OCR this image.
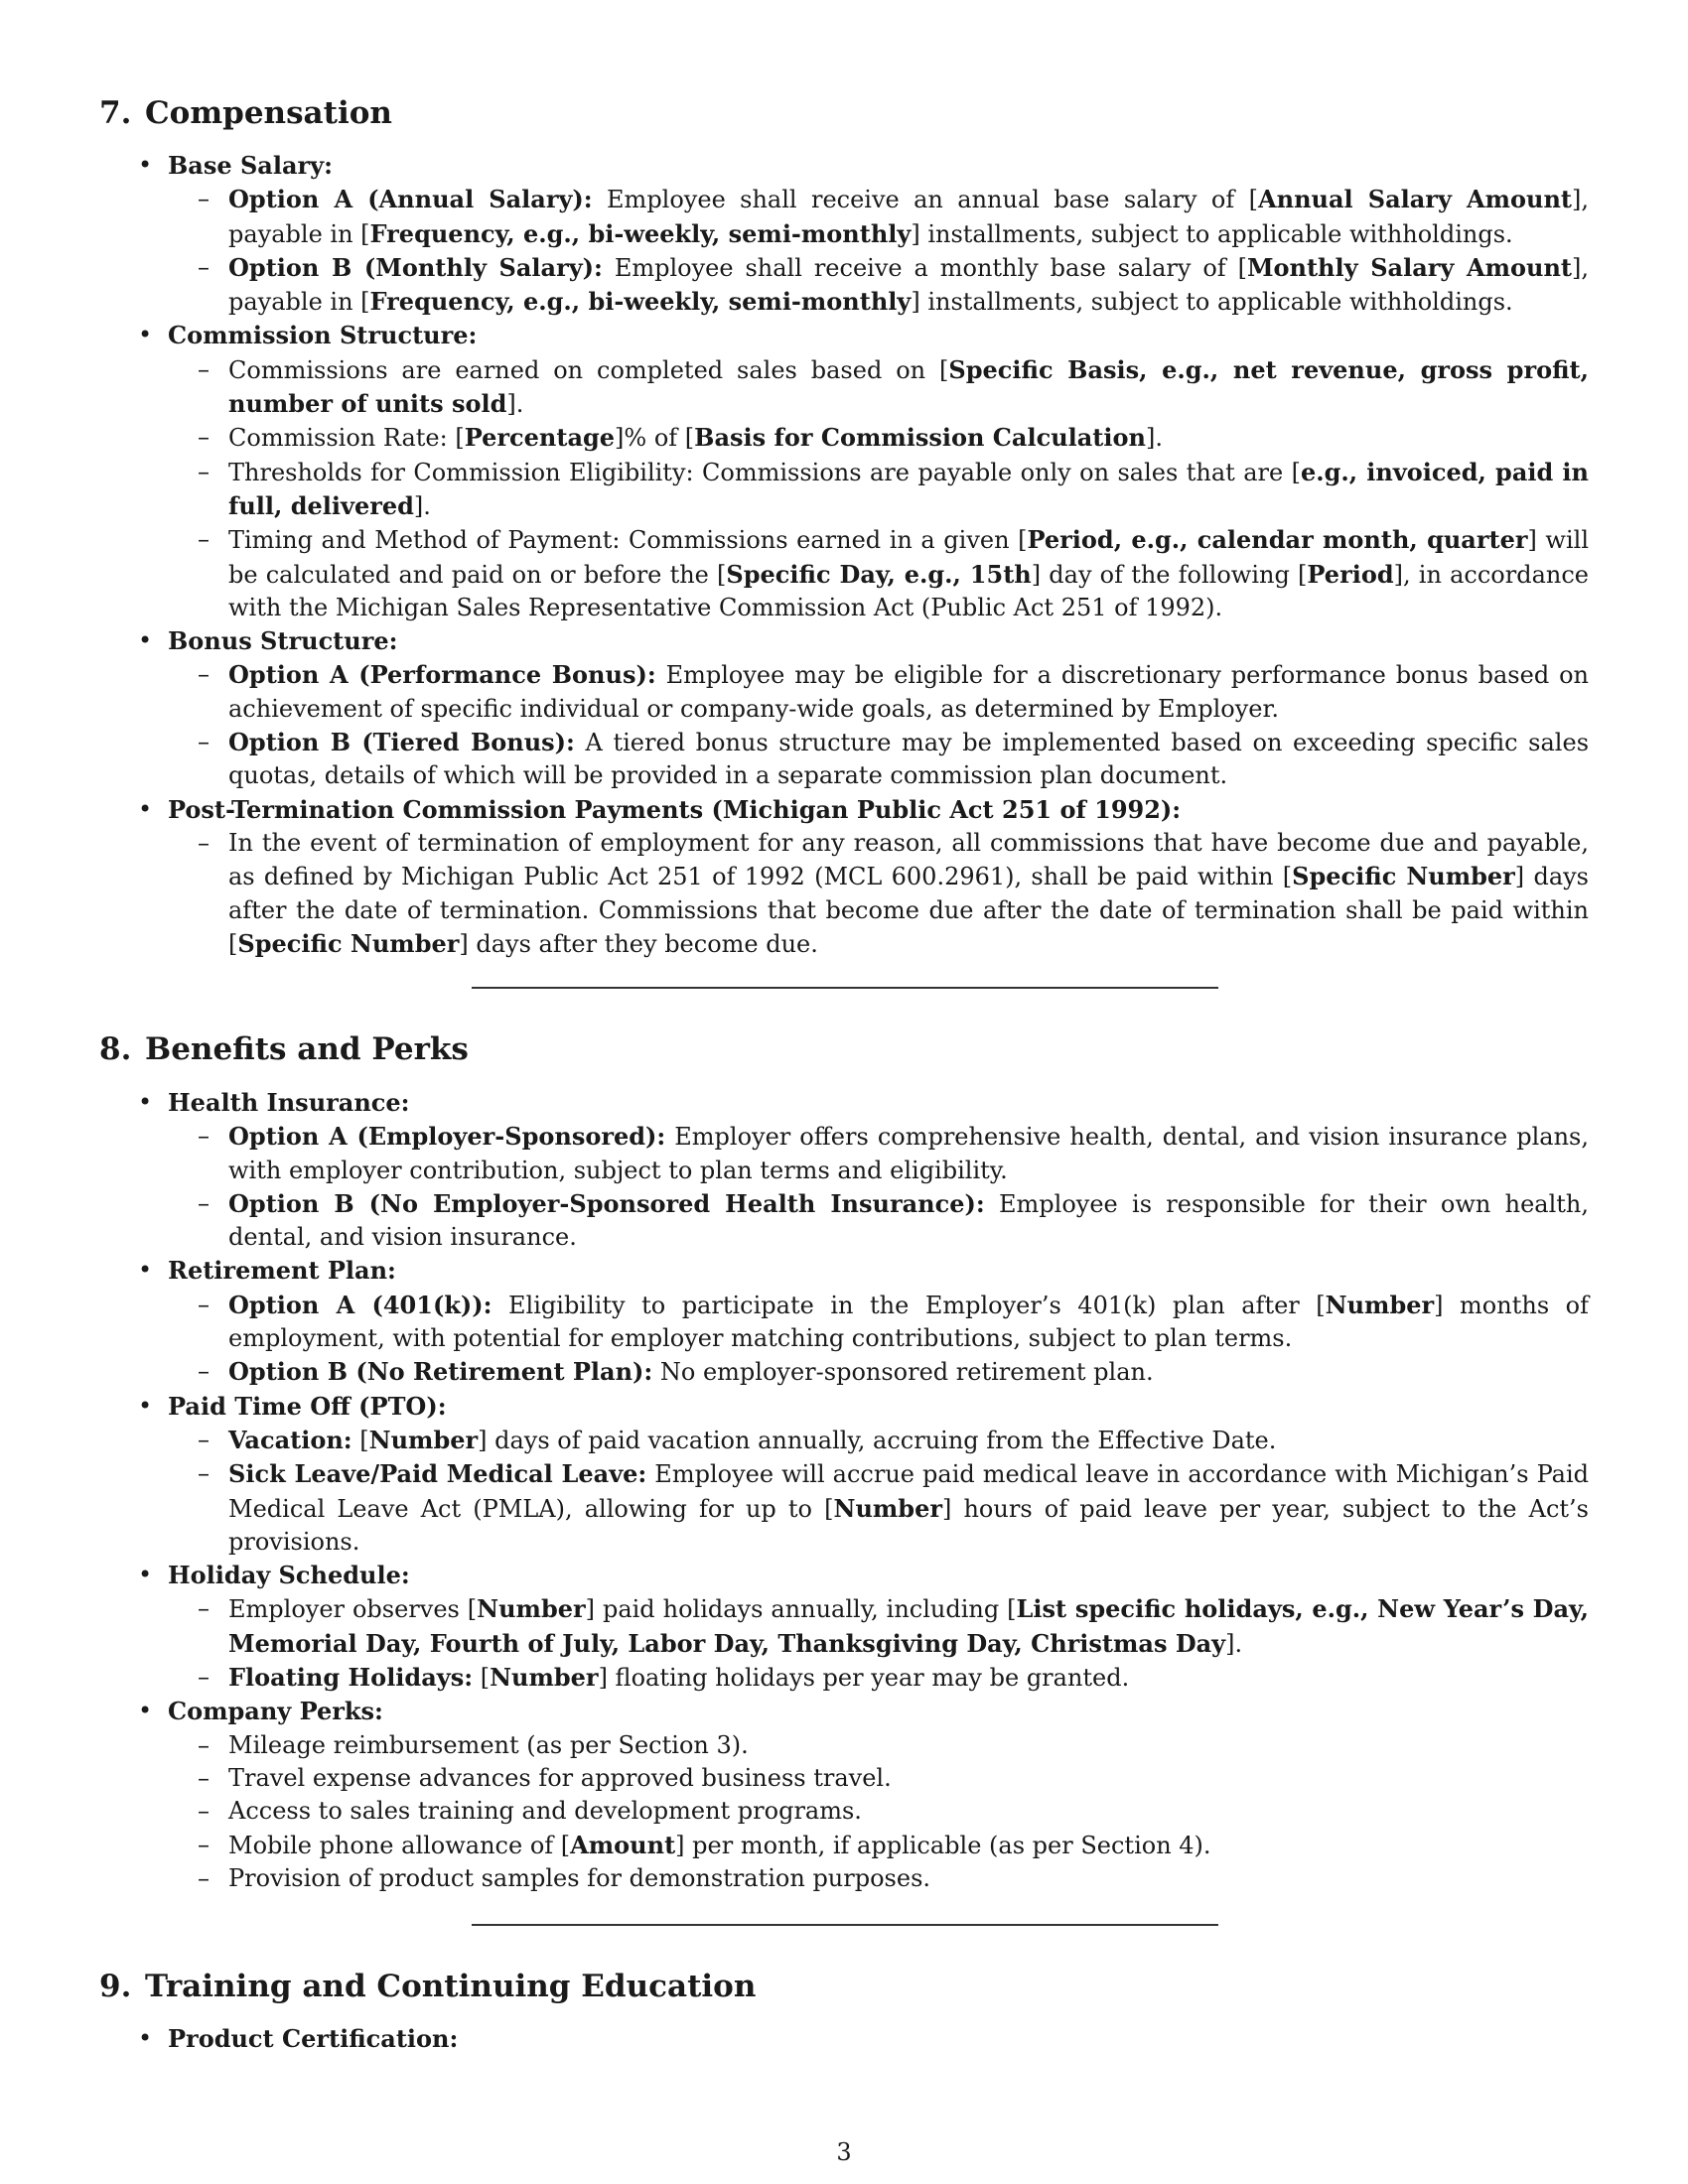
7. Compensation
• Base Salary:
– Option A (Annual Salary): Employee shall receive an annual base salary of [Annual Salary Amount], payable in [Frequency, e.g., bi-weekly, semi-monthly] installments, subject to applicable withholdings.
– Option B (Monthly Salary): Employee shall receive a monthly base salary of [Monthly Salary Amount], payable in [Frequency, e.g., bi-weekly, semi-monthly] installments, subject to applicable withholdings.
• Commission Structure:
– Commissions are earned on completed sales based on [Specific Basis, e.g., net revenue, gross profit, number of units sold].
– Commission Rate: [Percentage]% of [Basis for Commission Calculation].
– Thresholds for Commission Eligibility: Commissions are payable only on sales that are [e.g., invoiced, paid in full, delivered].
– Timing and Method of Payment: Commissions earned in a given [Period, e.g., calendar month, quarter] will be calculated and paid on or before the [Specific Day, e.g., 15th] day of the following [Period], in accordance with the Michigan Sales Representative Commission Act (Public Act 251 of 1992).
• Bonus Structure:
– Option A (Performance Bonus): Employee may be eligible for a discretionary performance bonus based on achievement of specific individual or company-wide goals, as determined by Employer.
– Option B (Tiered Bonus): A tiered bonus structure may be implemented based on exceeding specific sales quotas, details of which will be provided in a separate commission plan document.
• Post-Termination Commission Payments (Michigan Public Act 251 of 1992):
– In the event of termination of employment for any reason, all commissions that have become due and payable, as defined by Michigan Public Act 251 of 1992 (MCL 600.2961), shall be paid within [Specific Number] days after the date of termination. Commissions that become due after the date of termination shall be paid within [Specific Number] days after they become due.
8. Benefits and Perks
• Health Insurance:
– Option A (Employer-Sponsored): Employer offers comprehensive health, dental, and vision insurance plans, with employer contribution, subject to plan terms and eligibility.
– Option B (No Employer-Sponsored Health Insurance): Employee is responsible for their own health, dental, and vision insurance.
• Retirement Plan:
– Option A (401(k)): Eligibility to participate in the Employer’s 401(k) plan after [Number] months of employment, with potential for employer matching contributions, subject to plan terms.
– Option B (No Retirement Plan): No employer-sponsored retirement plan.
• Paid Time Off (PTO):
– Vacation: [Number] days of paid vacation annually, accruing from the Effective Date.
– Sick Leave/Paid Medical Leave: Employee will accrue paid medical leave in accordance with Michigan’s Paid Medical Leave Act (PMLA), allowing for up to [Number] hours of paid leave per year, subject to the Act’s provisions.
• Holiday Schedule:
– Employer observes [Number] paid holidays annually, including [List specific holidays, e.g., New Year’s Day, Memorial Day, Fourth of July, Labor Day, Thanksgiving Day, Christmas Day].
– Floating Holidays: [Number] floating holidays per year may be granted.
• Company Perks:
– Mileage reimbursement (as per Section 3).
– Travel expense advances for approved business travel.
– Access to sales training and development programs.
– Mobile phone allowance of [Amount] per month, if applicable (as per Section 4).
– Provision of product samples for demonstration purposes.
9. Training and Continuing Education
• Product Certification:
3
